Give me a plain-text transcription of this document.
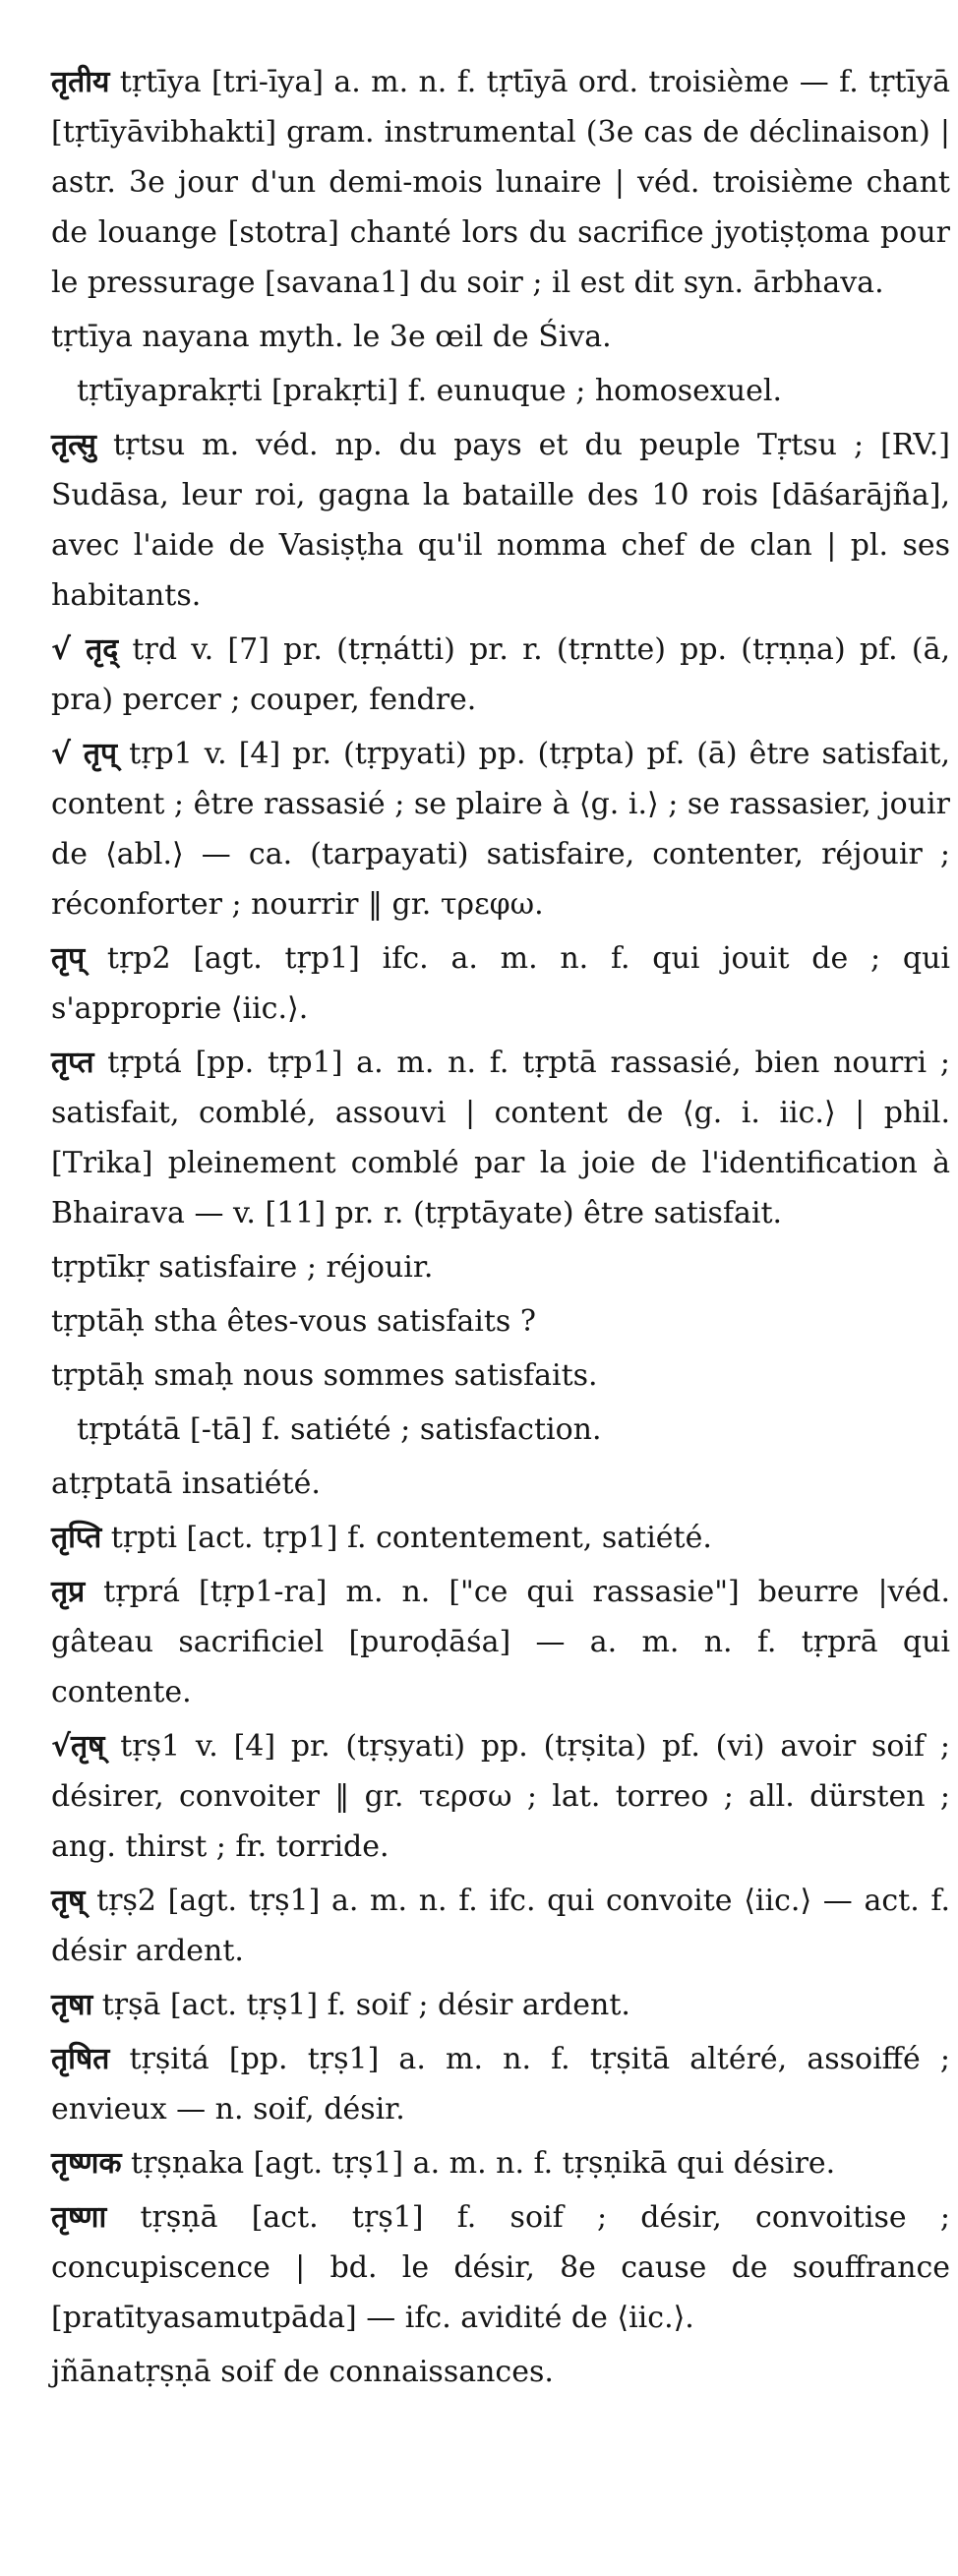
तृतीय tṛtīya [tri-īya] a. m. n. f. tṛtīyā ord. troisième — f. tṛtīyā [tṛtīyāvibhakti] gram. instrumental (3e cas de déclinaison) | astr. 3e jour d'un demi-mois lunaire | véd. troisième chant de louange [stotra] chanté lors du sacrifice jyotiṣṭoma pour le pressurage [savana1] du soir ; il est dit syn. ārbhava.

tṛtīya nayana myth. le 3e œil de Śiva.

tṛtīyaprakṛti [prakṛti] f. eunuque ; homosexuel.

तृत्सु tṛtsu m. véd. np. du pays et du peuple Tṛtsu ; [RV.] Sudāsa, leur roi, gagna la bataille des 10 rois [dāśarājña], avec l'aide de Vasiṣṭha qu'il nomma chef de clan | pl. ses habitants.

√ तृद् tṛd v. [7] pr. (tṛṇátti) pr. r. (tṛntte) pp. (tṛṇṇa) pf. (ā, pra) percer ; couper, fendre.

√ तृप् tṛp1 v. [4] pr. (tṛpyati) pp. (tṛpta) pf. (ā) être satisfait, content ; être rassasié ; se plaire à ⟨g. i.⟩ ; se rassasier, jouir de ⟨abl.⟩ — ca. (tarpayati) satisfaire, contenter, réjouir ; réconforter ; nourrir ‖ gr. τρεφω.

तृप् tṛp2 [agt. tṛp1] ifc. a. m. n. f. qui jouit de ; qui s'approprie ⟨iic.⟩.

तृप्त tṛptá [pp. tṛp1] a. m. n. f. tṛptā rassasié, bien nourri ; satisfait, comblé, assouvi | content de ⟨g. i. iic.⟩ | phil. [Trika] pleinement comblé par la joie de l'identification à Bhairava — v. [11] pr. r. (tṛptāyate) être satisfait.

tṛptīkṛ satisfaire ; réjouir.

tṛptāḥ stha êtes-vous satisfaits ?

tṛptāḥ smaḥ nous sommes satisfaits.

tṛptátā [-tā] f. satiété ; satisfaction.

atṛptatā insatiété.

तृप्ति tṛpti [act. tṛp1] f. contentement, satiété.

तृप्र tṛprá [tṛp1-ra] m. n. ["ce qui rassasie"] beurre |véd. gâteau sacrificiel [puroḍāśa] — a. m. n. f. tṛprā qui contente.

√तृष् tṛṣ1 v. [4] pr. (tṛṣyati) pp. (tṛṣita) pf. (vi) avoir soif ; désirer, convoiter ‖ gr. τερσω ; lat. torreo ; all. dürsten ; ang. thirst ; fr. torride.

तृष् tṛṣ2 [agt. tṛṣ1] a. m. n. f. ifc. qui convoite ⟨iic.⟩ — act. f. désir ardent.

तृषा tṛṣā [act. tṛṣ1] f. soif ; désir ardent.

तृषित tṛṣitá [pp. tṛṣ1] a. m. n. f. tṛṣitā altéré, assoiffé ; envieux — n. soif, désir.

तृष्णक tṛṣṇaka [agt. tṛṣ1] a. m. n. f. tṛṣṇikā qui désire.

तृष्णा tṛṣṇā [act. tṛṣ1] f. soif ; désir, convoitise ; concupiscence | bd. le désir, 8e cause de souffrance [pratītyasamutpāda] — ifc. avidité de ⟨iic.⟩.

jñānatṛṣṇā soif de connaissances.
